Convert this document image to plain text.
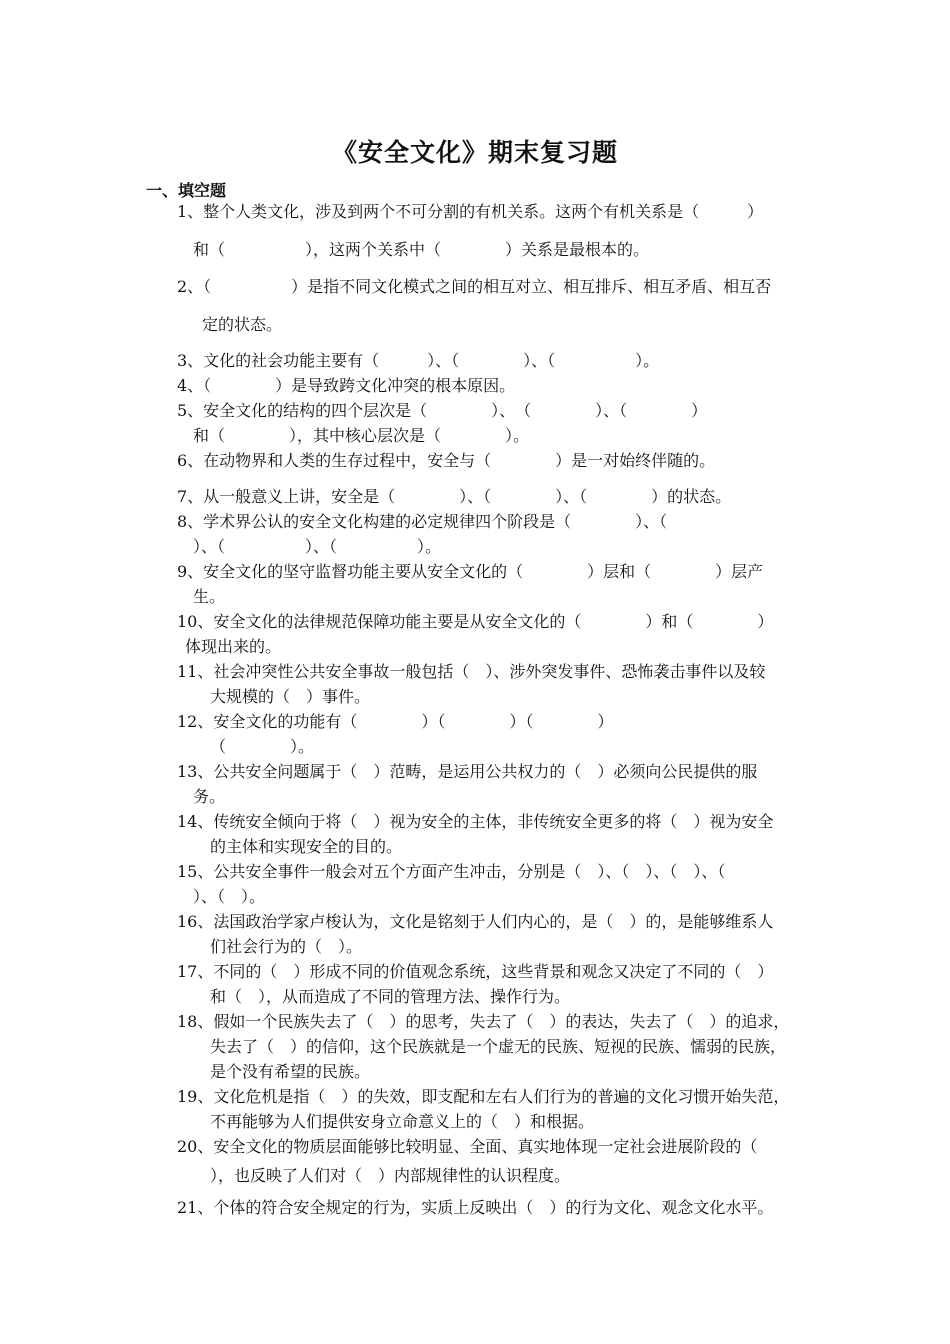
《安全文化》期末复习题
一、填空题
1、整个人类文化，涉及到两个不可分割的有机关系。这两个有机关系是（　　　）
和（　　　　　），这两个关系中（　　　　）关系是最根本的。
2、（　　　　　）是指不同文化模式之间的相互对立、相互排斥、相互矛盾、相互否
定的状态。
3、文化的社会功能主要有（　　　）、（　　　　）、（　　　　　）。
4、（　　　　）是导致跨文化冲突的根本原因。
5、安全文化的结构的四个层次是（　　　　）、　（　　　　）、（　　　　）
和（　　　　），其中核心层次是（　　　　）。
6、在动物界和人类的生存过程中，安全与（　　　　）是一对始终伴随的。
7、从一般意义上讲，安全是（　　　　）、（　　　　）、（　　　　）的状态。
8、学术界公认的安全文化构建的必定规律四个阶段是（　　　　）、（
）、（　　　　　）、（　　　　　）。
9、安全文化的坚守监督功能主要从安全文化的（　　　　）层和（　　　　）层产
生。
10、安全文化的法律规范保障功能主要是从安全文化的（　　　　）和（　　　　）
体现出来的。
11、社会冲突性公共安全事故一般包括（　）、涉外突发事件、恐怖袭击事件以及较
大规模的（　）事件。
12、安全文化的功能有（　　　　）（　　　　）（　　　　）
（　　　　）。
13、公共安全问题属于（　）范畴，是运用公共权力的（　）必须向公民提供的服
务。
14、传统安全倾向于将（　）视为安全的主体，非传统安全更多的将（　）视为安全
的主体和实现安全的目的。
15、公共安全事件一般会对五个方面产生冲击，分别是（　）、（　）、（　）、（
）、（　）。
16、法国政治学家卢梭认为，文化是铭刻于人们内心的，是（　）的，是能够维系人
们社会行为的（　）。
17、不同的（　）形成不同的价值观念系统，这些背景和观念又决定了不同的（　）
和（　），从而造成了不同的管理方法、操作行为。
18、假如一个民族失去了（　）的思考，失去了（　）的表达，失去了（　）的追求，
失去了（　）的信仰，这个民族就是一个虚无的民族、短视的民族、懦弱的民族，
是个没有希望的民族。
19、文化危机是指（　）的失效，即支配和左右人们行为的普遍的文化习惯开始失范，
不再能够为人们提供安身立命意义上的（　）和根据。
20、安全文化的物质层面能够比较明显、全面、真实地体现一定社会进展阶段的（
），也反映了人们对（　）内部规律性的认识程度。
21、个体的符合安全规定的行为，实质上反映出（　）的行为文化、观念文化水平。
